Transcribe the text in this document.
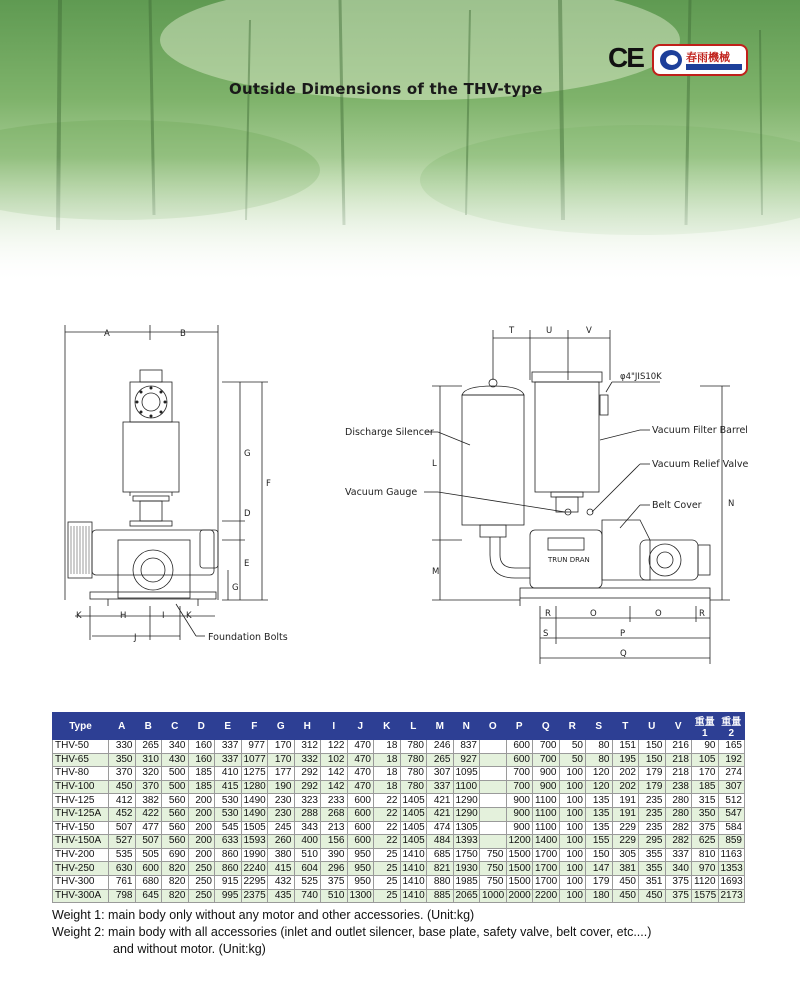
Outside Dimensions of the THV-type
CE	春雨機械
A	B
G
F
D
E
G
K	H	I	K
J	Foundation Bolts
T	U	V
φ4"JIS10K
TRUN DRAN
L
M
N
R	O	O	R
S	P
Q
Discharge Silencer
Vacuum Gauge
Vacuum Filter Barrel
Vacuum Relief Valve
Belt Cover
Type	A	B	C	D	E	F	G	H	I	J	K	L	M	N	O	P	Q	R	S	T	U	V	重量1	重量2
THV-50	330	265	340	160	337	977	170	312	122	470	18	780	246	837		600	700	50	80	151	150	216	90	165
THV-65	350	310	430	160	337	1077	170	332	102	470	18	780	265	927		600	700	50	80	195	150	218	105	192
THV-80	370	320	500	185	410	1275	177	292	142	470	18	780	307	1095		700	900	100	120	202	179	218	170	274
THV-100	450	370	500	185	415	1280	190	292	142	470	18	780	337	1100		700	900	100	120	202	179	238	185	307
THV-125	412	382	560	200	530	1490	230	323	233	600	22	1405	421	1290		900	1100	100	135	191	235	280	315	512
THV-125A	452	422	560	200	530	1490	230	288	268	600	22	1405	421	1290		900	1100	100	135	191	235	280	350	547
THV-150	507	477	560	200	545	1505	245	343	213	600	22	1405	474	1305		900	1100	100	135	229	235	282	375	584
THV-150A	527	507	560	200	633	1593	260	400	156	600	22	1405	484	1393		1200	1400	100	155	229	295	282	625	859
THV-200	535	505	690	200	860	1990	380	510	390	950	25	1410	685	1750	750	1500	1700	100	150	305	355	337	810	1163
THV-250	630	600	820	250	860	2240	415	604	296	950	25	1410	821	1930	750	1500	1700	100	147	381	355	340	970	1353
THV-300	761	680	820	250	915	2295	432	525	375	950	25	1410	880	1985	750	1500	1700	100	179	450	351	375	1120	1693
THV-300A	798	645	820	250	995	2375	435	740	510	1300	25	1410	885	2065	1000	2000	2200	100	180	450	450	375	1575	2173
Weight 1: main body only without any motor and other accessories. (Unit:kg)
Weight 2: main body with all accessories (inlet and outlet silencer, base plate, safety valve, belt cover, etc....)
and without motor. (Unit:kg)
